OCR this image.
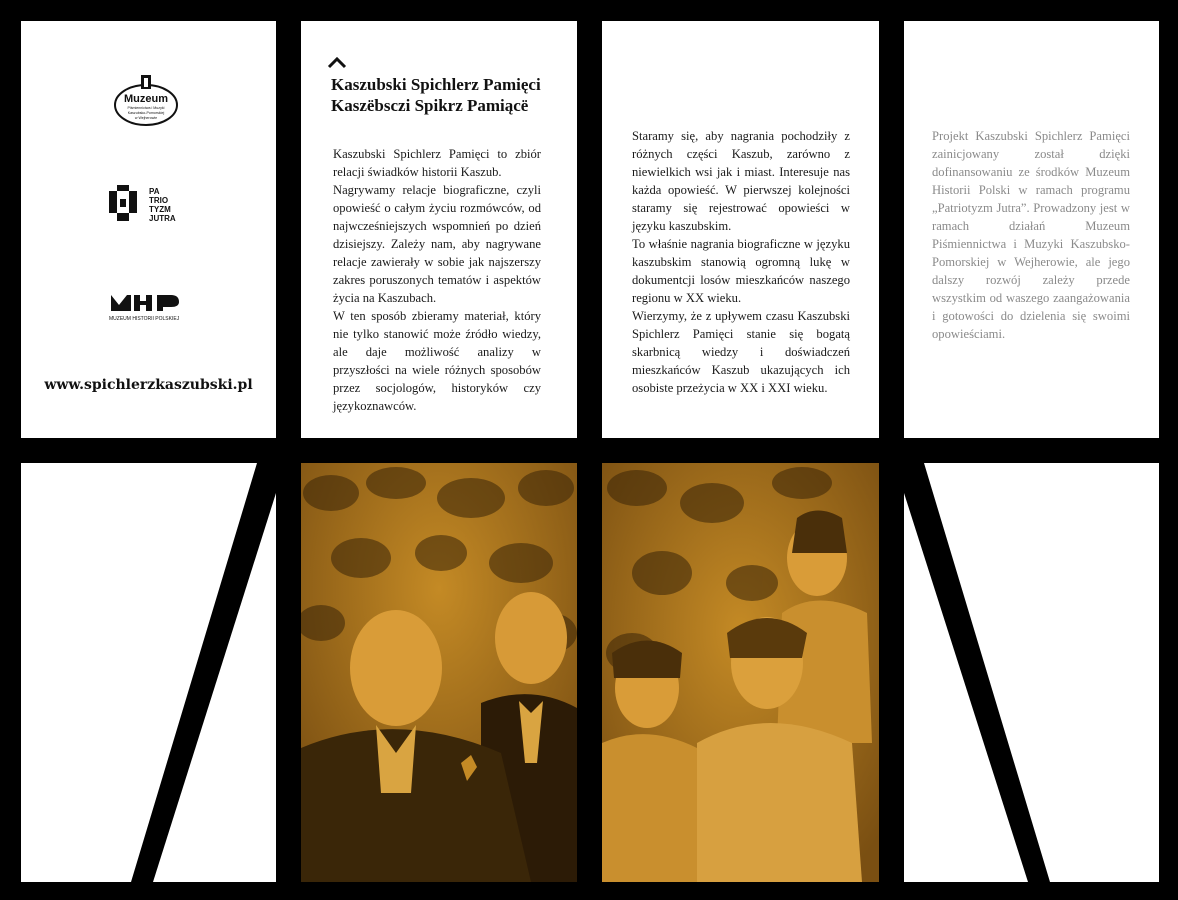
Muzeum
Piśmiennictwa i Muzyki
Kaszubsko-Pomorskiej
w Wejherowie
PA
TRIO
TYZM
JUTRA
MUZEUM HISTORII POLSKIEJ
www.spichlerzkaszubski.pl
Kaszubski Spichlerz Pamięci
Kaszëbsczi Spikrz Pamiącë

Kaszubski Spichlerz Pamięci to zbiór relacji świadków historii Kaszub.

Nagrywamy relacje biograficzne, czyli opowieść o całym życiu rozmówców, od najwcześniejszych wspomnień po dzień dzisiejszy. Zależy nam, aby nagrywane relacje zawierały w sobie jak najszerszy zakres poruszonych tematów i aspektów życia na Kaszubach.

W ten sposób zbieramy materiał, który nie tylko stanowić może źródło wiedzy, ale daje możliwość analizy w przyszłości na wiele różnych sposobów przez socjologów, historyków czy językoznawców.

Staramy się, aby nagrania pochodziły z różnych części Kaszub, zarówno z niewielkich wsi jak i miast. Interesuje nas każda opowieść. W pierwszej kolejności staramy się rejestrować opowieści w języku kaszubskim.

To właśnie nagrania biograficzne w języku kaszubskim stanowią ogromną lukę w dokumentcji losów mieszkańców naszego regionu w XX wieku.

Wierzymy, że z upływem czasu Kaszubski Spichlerz Pamięci stanie się bogatą skarbnicą wiedzy i doświadczeń mieszkańców Kaszub ukazujących ich osobiste przeżycia w XX i XXI wieku.

Projekt Kaszubski Spichlerz Pamięci zainicjowany został dzięki dofinansowaniu ze środków Muzeum Historii Polski w ramach programu „Patriotyzm Jutra”. Prowadzony jest w ramach działań Muzeum Piśmiennictwa i Muzyki Kaszubsko-Pomorskiej w Wejherowie, ale jego dalszy rozwój zależy przede wszystkim od waszego zaangażowania i gotowości do dzielenia się swoimi opowieściami.
